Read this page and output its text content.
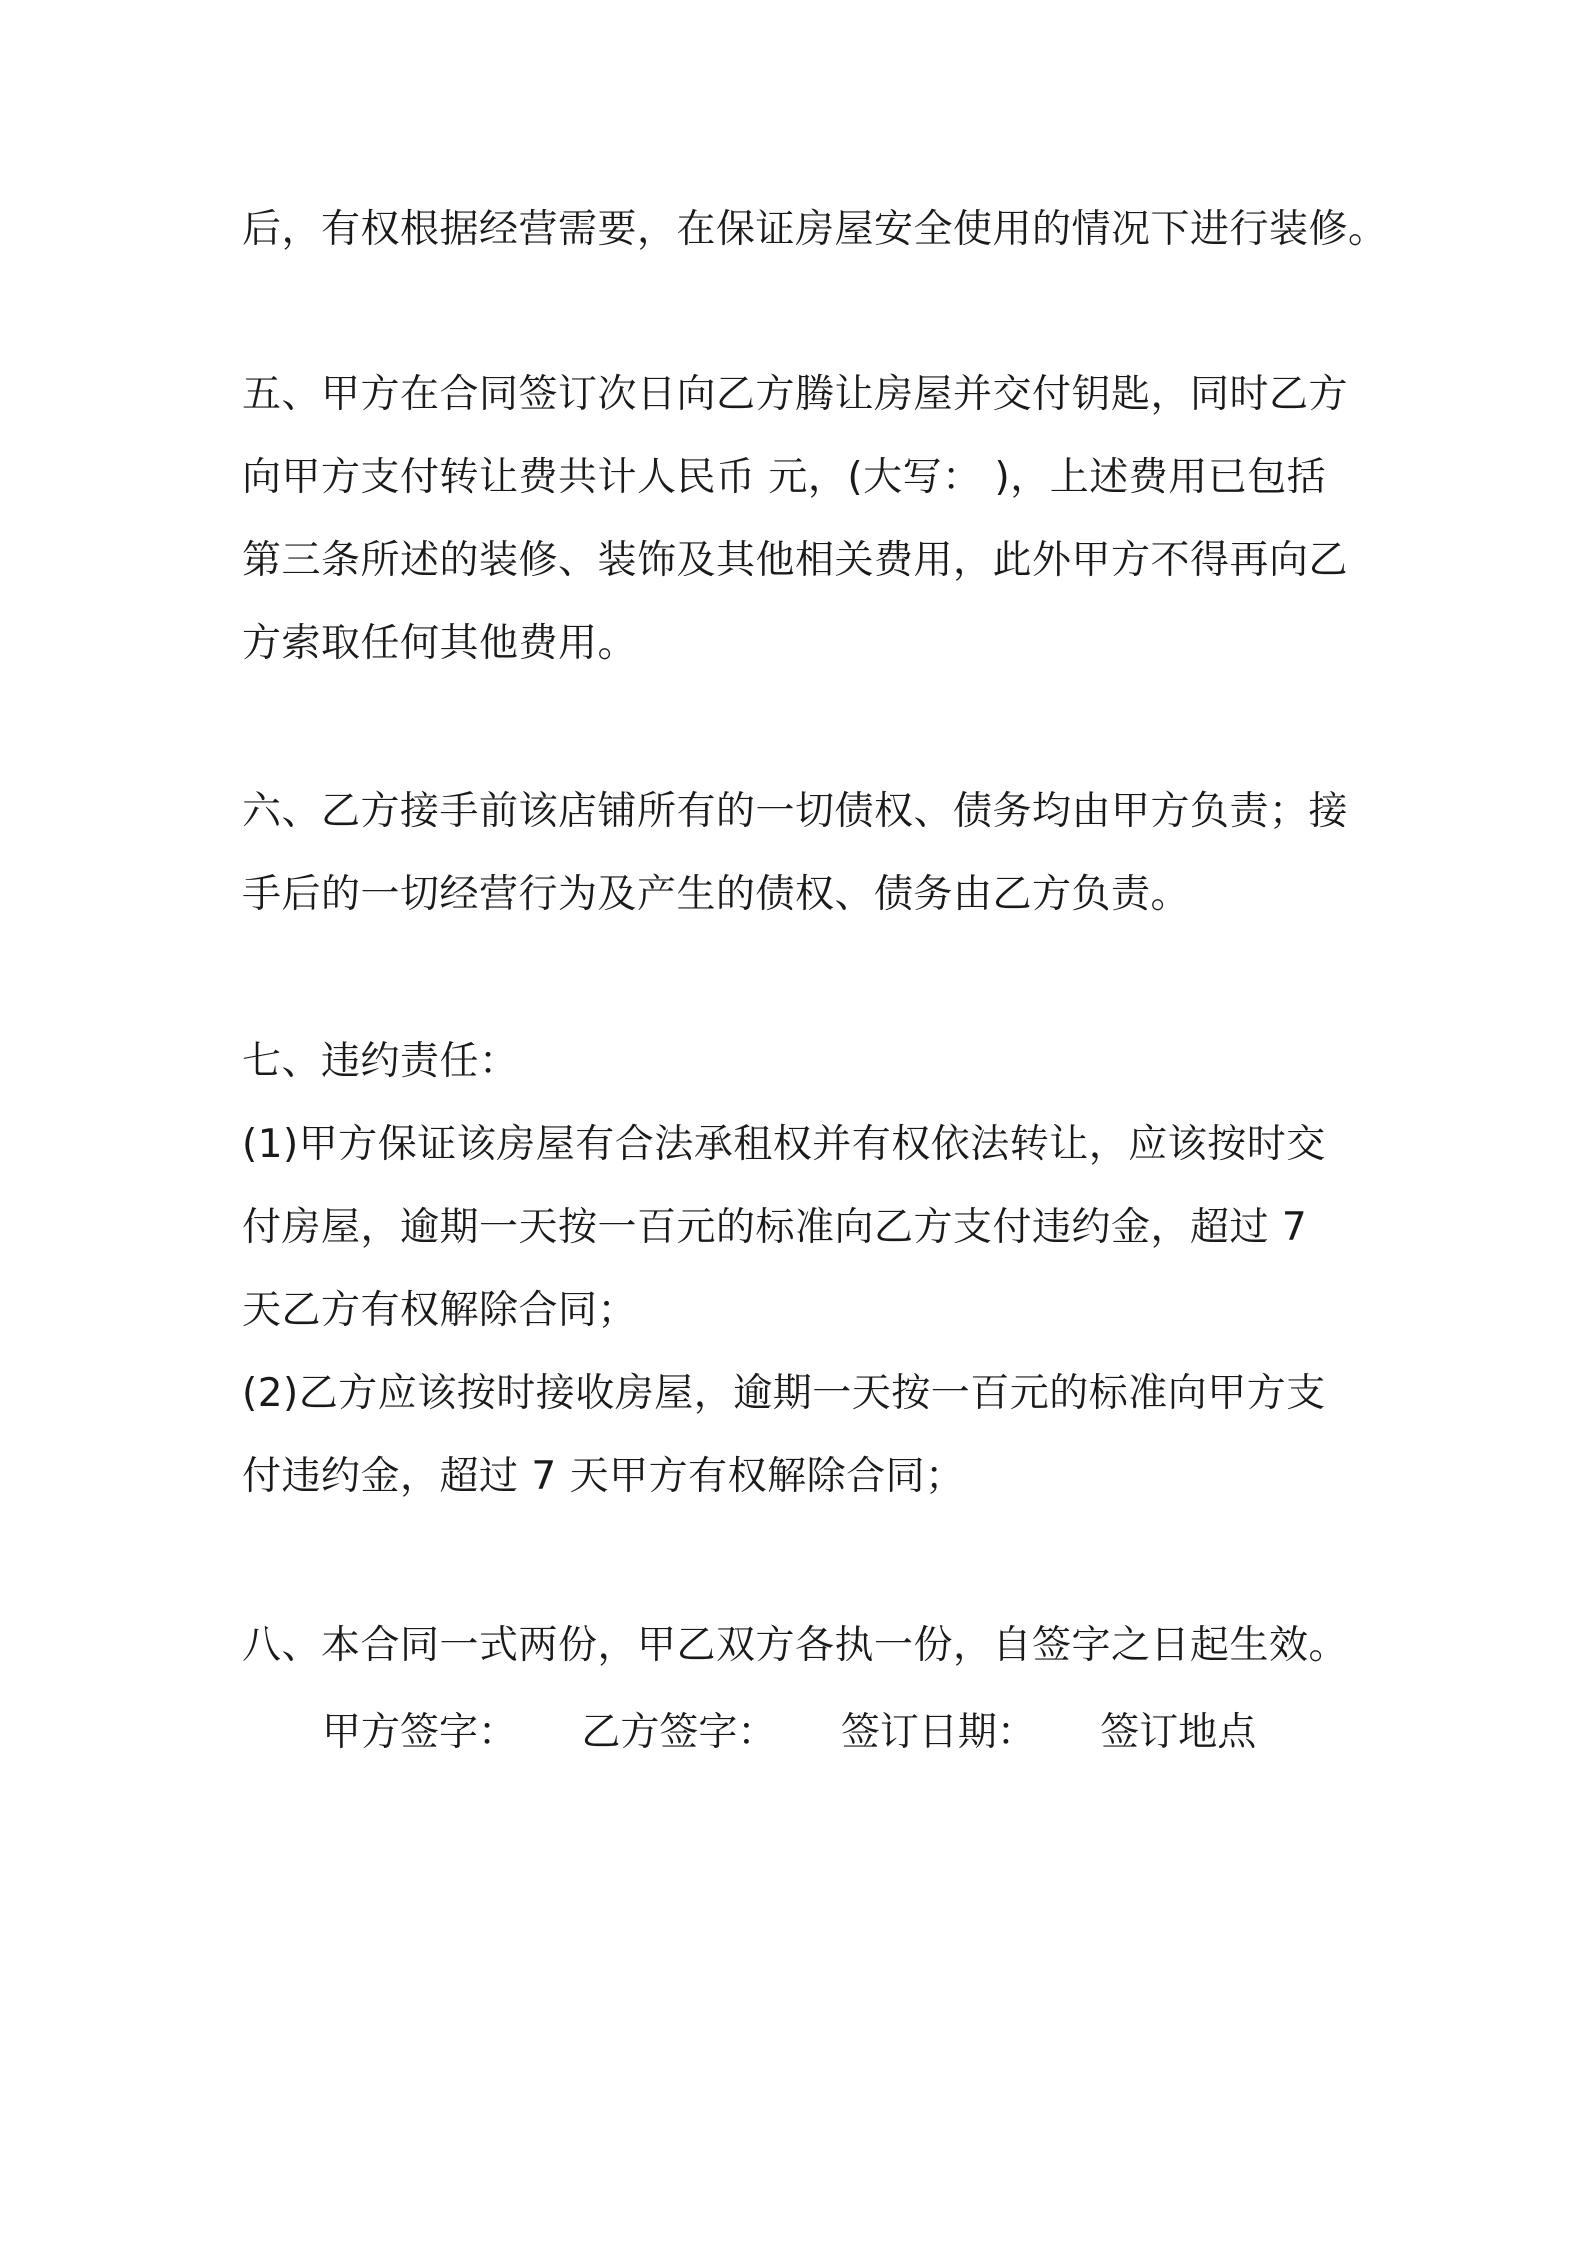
后，有权根据经营需要，在保证房屋安全使用的情况下进行装修。
五、甲方在合同签订次日向乙方腾让房屋并交付钥匙，同时乙方
向甲方支付转让费共计人民币 元，(大写： )，上述费用已包括
第三条所述的装修、装饰及其他相关费用，此外甲方不得再向乙
方索取任何其他费用。
六、乙方接手前该店铺所有的一切债权、债务均由甲方负责；接
手后的一切经营行为及产生的债权、债务由乙方负责。
七、违约责任：
(1)甲方保证该房屋有合法承租权并有权依法转让，应该按时交
付房屋，逾期一天按一百元的标准向乙方支付违约金，超过 7
天乙方有权解除合同；
(2)乙方应该按时接收房屋，逾期一天按一百元的标准向甲方支
付违约金，超过 7 天甲方有权解除合同；
八、本合同一式两份，甲乙双方各执一份，自签字之日起生效。
甲方签字： 乙方签字： 签订日期： 签订地点
